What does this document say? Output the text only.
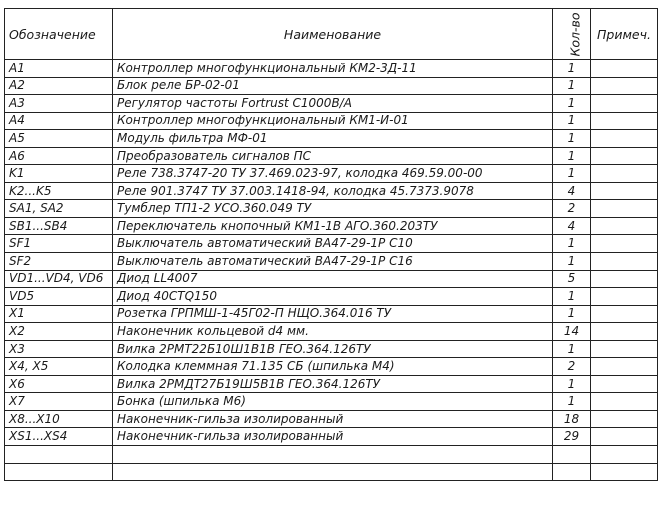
Обозначение	Наименование	Кол-во	Примеч.
A1	Контроллер многофункциональный КМ2-3Д-11	1	
A2	Блок реле БР-02-01	1	
A3	Регулятор частоты Fortrust C1000B/A	1	
A4	Контроллер многофункциональный КМ1-И-01	1	
A5	Модуль фильтра МФ-01	1	
A6	Преобразователь сигналов ПС	1	
K1	Реле 738.3747-20 ТУ 37.469.023-97, колодка 469.59.00-00	1	
K2...K5	Реле 901.3747 ТУ 37.003.1418-94, колодка 45.7373.9078	4	
SA1, SA2	Тумблер ТП1-2 УСО.360.049 ТУ	2	
SB1...SB4	Переключатель кнопочный КМ1-1В АГО.360.203ТУ	4	
SF1	Выключатель автоматический ВА47-29-1Р С10	1	
SF2	Выключатель автоматический ВА47-29-1Р С16	1	
VD1...VD4, VD6	Диод LL4007	5	
VD5	Диод 40CTQ150	1	
X1	Розетка ГРПМШ-1-45Г02-П НЩО.364.016 ТУ	1	
X2	Наконечник кольцевой d4 мм.	14	
X3	Вилка 2РМТ22Б10Ш1В1В ГЕО.364.126ТУ	1	
X4, X5	Колодка клеммная 71.135 СБ (шпилька М4)	2	
X6	Вилка 2РМДТ27Б19Ш5В1В ГЕО.364.126ТУ	1	
X7	Бонка (шпилька М6)	1	
X8...X10	Наконечник-гильза изолированный	18	
XS1...XS4	Наконечник-гильза изолированный	29	
